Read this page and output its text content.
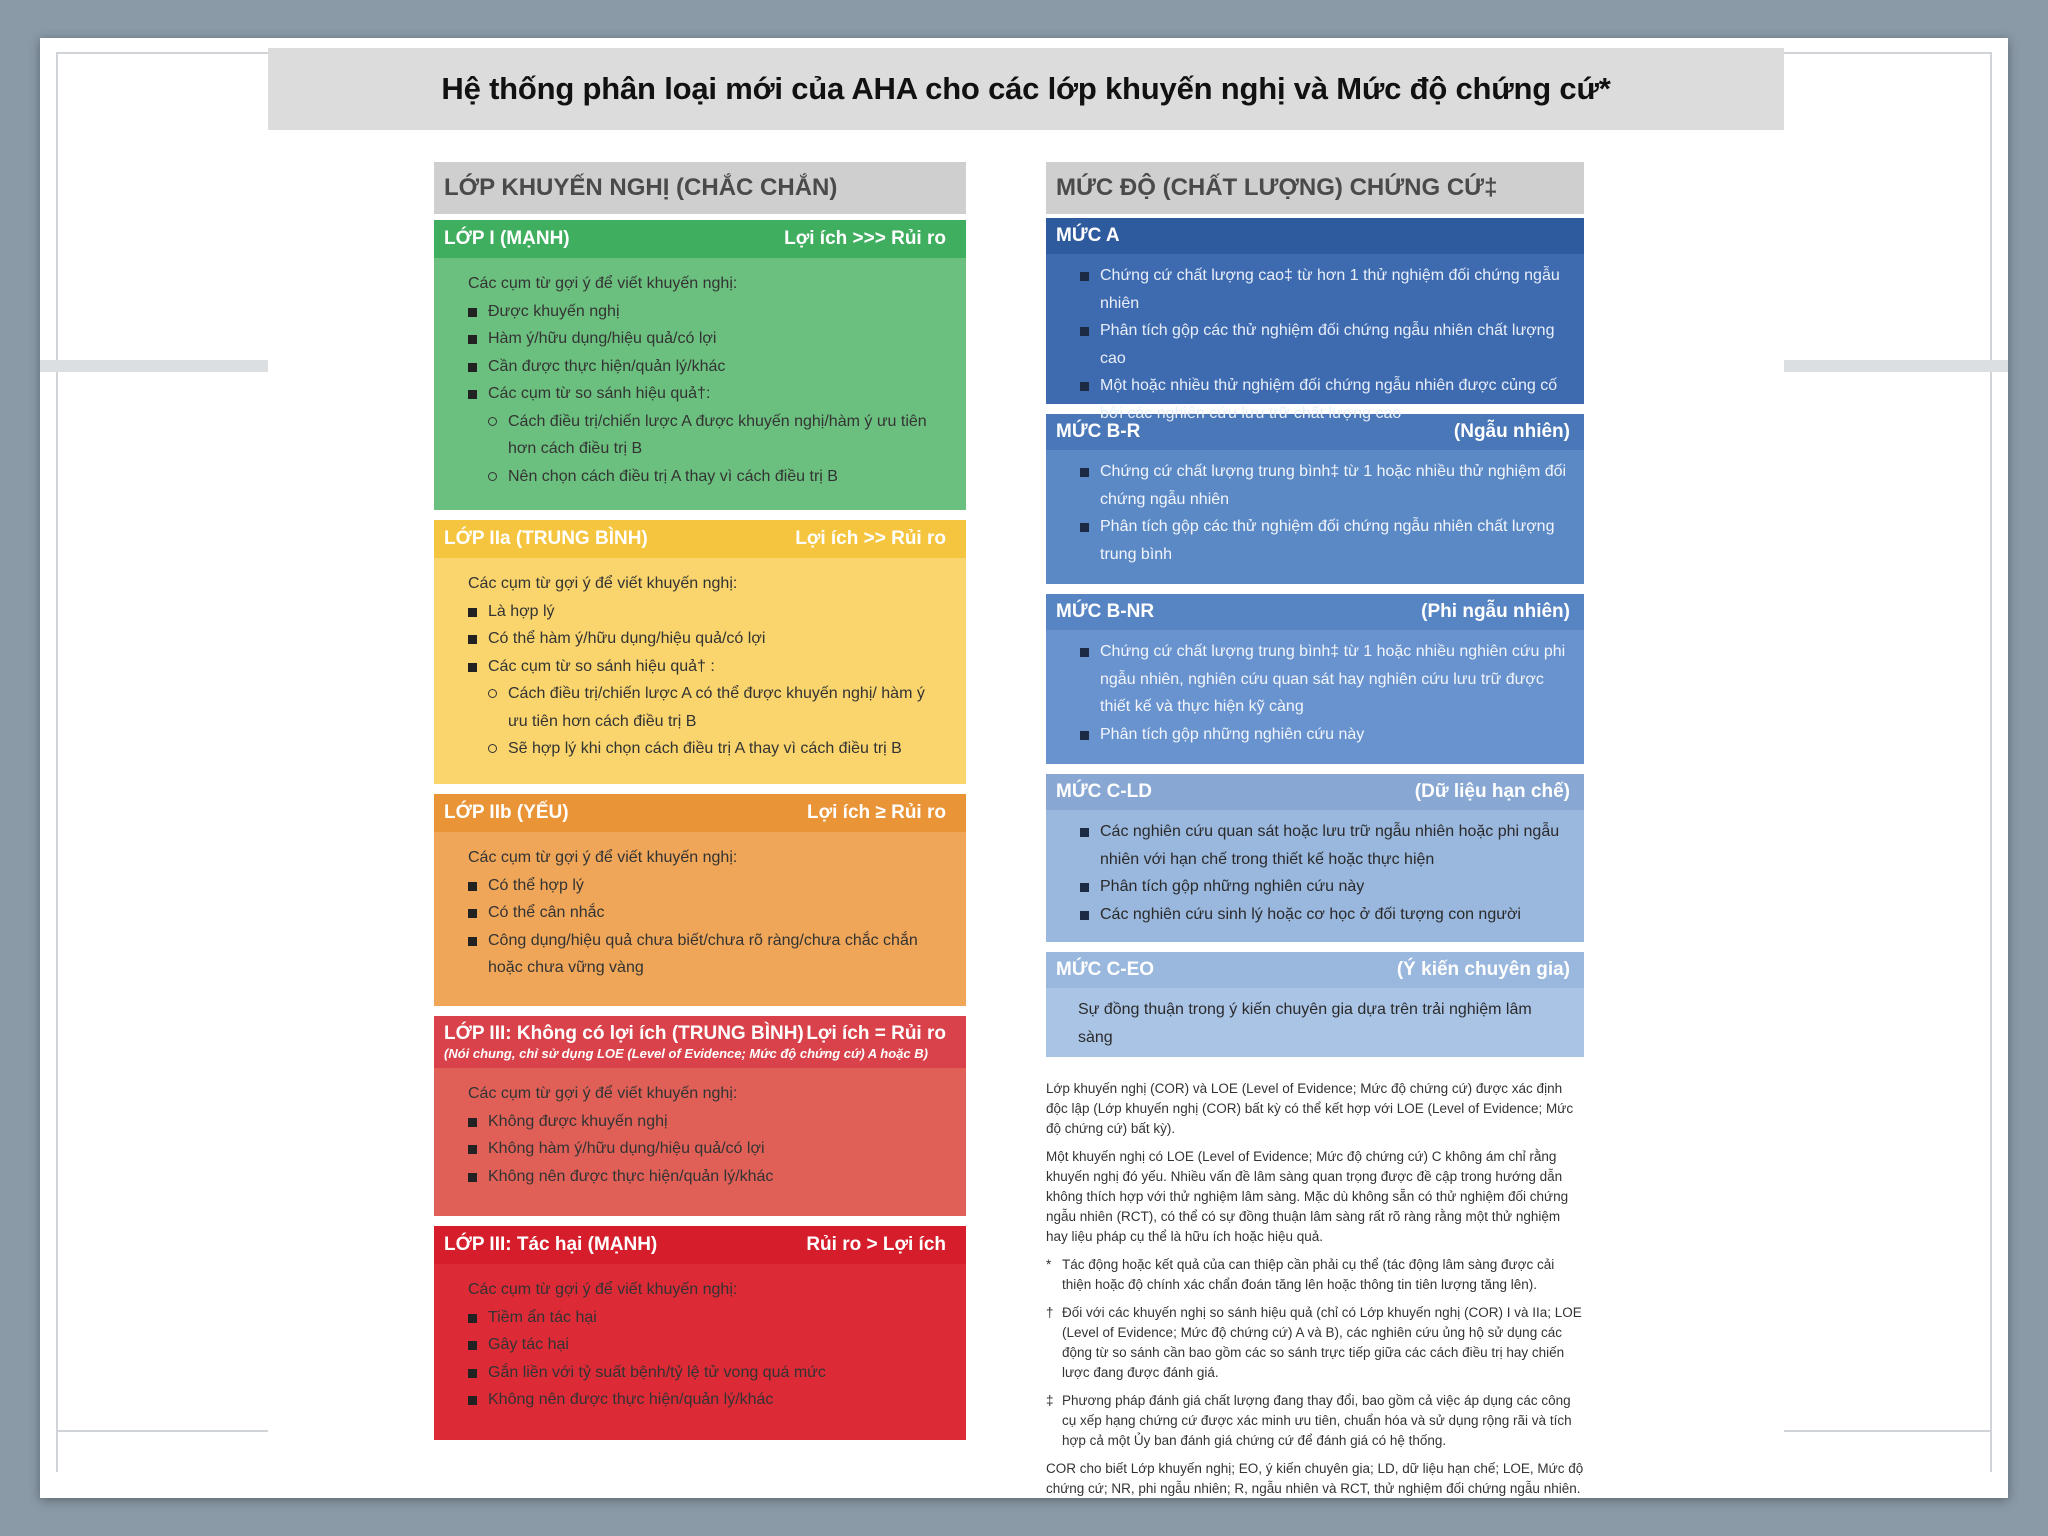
Hệ thống phân loại mới của AHA cho các lớp khuyến nghị và Mức độ chứng cứ*
LỚP KHUYẾN NGHỊ (CHẮC CHẮN)
LỚP I (MẠNH)	Lợi ích >>> Rủi ro

Các cụm từ gợi ý để viết khuyến nghị:

Được khuyến nghị
Hàm ý/hữu dụng/hiệu quả/có lợi
Cần được thực hiện/quản lý/khác
Các cụm từ so sánh hiệu quả†:
Cách điều trị/chiến lược A được khuyến nghị/hàm ý ưu tiên hơn cách điều trị B
Nên chọn cách điều trị A thay vì cách điều trị B
LỚP IIa (TRUNG BÌNH)	Lợi ích >> Rủi ro

Các cụm từ gợi ý để viết khuyến nghị:

Là hợp lý
Có thể hàm ý/hữu dụng/hiệu quả/có lợi
Các cụm từ so sánh hiệu quả† :
Cách điều trị/chiến lược A có thể được khuyến nghị/ hàm ý ưu tiên hơn cách điều trị B
Sẽ hợp lý khi chọn cách điều trị A thay vì cách điều trị B
LỚP IIb (YẾU)	Lợi ích ≥ Rủi ro

Các cụm từ gợi ý để viết khuyến nghị:

Có thể hợp lý
Có thể cân nhắc
Công dụng/hiệu quả chưa biết/chưa rõ ràng/chưa chắc chắn hoặc chưa vững vàng
LỚP III: Không có lợi ích (TRUNG BÌNH) Lợi ích = Rủi ro
(Nói chung, chỉ sử dụng LOE (Level of Evidence; Mức độ chứng cứ) A hoặc B)

Các cụm từ gợi ý để viết khuyến nghị:

Không được khuyến nghị
Không hàm ý/hữu dụng/hiệu quả/có lợi
Không nên được thực hiện/quản lý/khác
LỚP III: Tác hại (MẠNH)	Rủi ro > Lợi ích

Các cụm từ gợi ý để viết khuyến nghị:

Tiềm ẩn tác hại
Gây tác hại
Gắn liền với tỷ suất bệnh/tỷ lệ tử vong quá mức
Không nên được thực hiện/quản lý/khác
MỨC ĐỘ (CHẤT LƯỢNG) CHỨNG CỨ‡
MỨC A
Chứng cứ chất lượng cao‡ từ hơn 1 thử nghiệm đối chứng ngẫu nhiên
Phân tích gộp các thử nghiệm đối chứng ngẫu nhiên chất lượng cao
Một hoặc nhiều thử nghiệm đối chứng ngẫu nhiên được củng cố bởi các nghiên cứu lưu trữ chất lượng cao
MỨC B-R	(Ngẫu nhiên)
Chứng cứ chất lượng trung bình‡ từ 1 hoặc nhiều thử nghiệm đối chứng ngẫu nhiên
Phân tích gộp các thử nghiệm đối chứng ngẫu nhiên chất lượng trung bình
MỨC B-NR	(Phi ngẫu nhiên)
Chứng cứ chất lượng trung bình‡ từ 1 hoặc nhiều nghiên cứu phi ngẫu nhiên, nghiên cứu quan sát hay nghiên cứu lưu trữ được thiết kế và thực hiện kỹ càng
Phân tích gộp những nghiên cứu này
MỨC C-LD	(Dữ liệu hạn chế)
Các nghiên cứu quan sát hoặc lưu trữ ngẫu nhiên hoặc phi ngẫu nhiên với hạn chế trong thiết kế hoặc thực hiện
Phân tích gộp những nghiên cứu này
Các nghiên cứu sinh lý hoặc cơ học ở đối tượng con người
MỨC C-EO	(Ý kiến chuyên gia)
Sự đồng thuận trong ý kiến chuyên gia dựa trên trải nghiệm lâm sàng

Lớp khuyến nghị (COR) và LOE (Level of Evidence; Mức độ chứng cứ) được xác định độc lập (Lớp khuyến nghị (COR) bất kỳ có thể kết hợp với LOE (Level of Evidence; Mức độ chứng cứ) bất kỳ).

Một khuyến nghị có LOE (Level of Evidence; Mức độ chứng cứ) C không ám chỉ rằng khuyến nghị đó yếu. Nhiều vấn đề lâm sàng quan trọng được đề cập trong hướng dẫn không thích hợp với thử nghiệm lâm sàng. Mặc dù không sẵn có thử nghiệm đối chứng ngẫu nhiên (RCT), có thể có sự đồng thuận lâm sàng rất rõ ràng rằng một thử nghiệm hay liệu pháp cụ thể là hữu ích hoặc hiệu quả.

* Tác động hoặc kết quả của can thiệp cần phải cụ thể (tác động lâm sàng được cải thiện hoặc độ chính xác chẩn đoán tăng lên hoặc thông tin tiên lượng tăng lên).

† Đối với các khuyến nghị so sánh hiệu quả (chỉ có Lớp khuyến nghị (COR) I và IIa; LOE (Level of Evidence; Mức độ chứng cứ) A và B), các nghiên cứu ủng hộ sử dụng các động từ so sánh cần bao gồm các so sánh trực tiếp giữa các cách điều trị hay chiến lược đang được đánh giá.

‡ Phương pháp đánh giá chất lượng đang thay đổi, bao gồm cả việc áp dụng các công cụ xếp hạng chứng cứ được xác minh ưu tiên, chuẩn hóa và sử dụng rộng rãi và tích hợp cả một Ủy ban đánh giá chứng cứ để đánh giá có hệ thống.

COR cho biết Lớp khuyến nghị; EO, ý kiến chuyên gia; LD, dữ liệu hạn chế; LOE, Mức độ chứng cứ; NR, phi ngẫu nhiên; R, ngẫu nhiên và RCT, thử nghiệm đối chứng ngẫu nhiên.
